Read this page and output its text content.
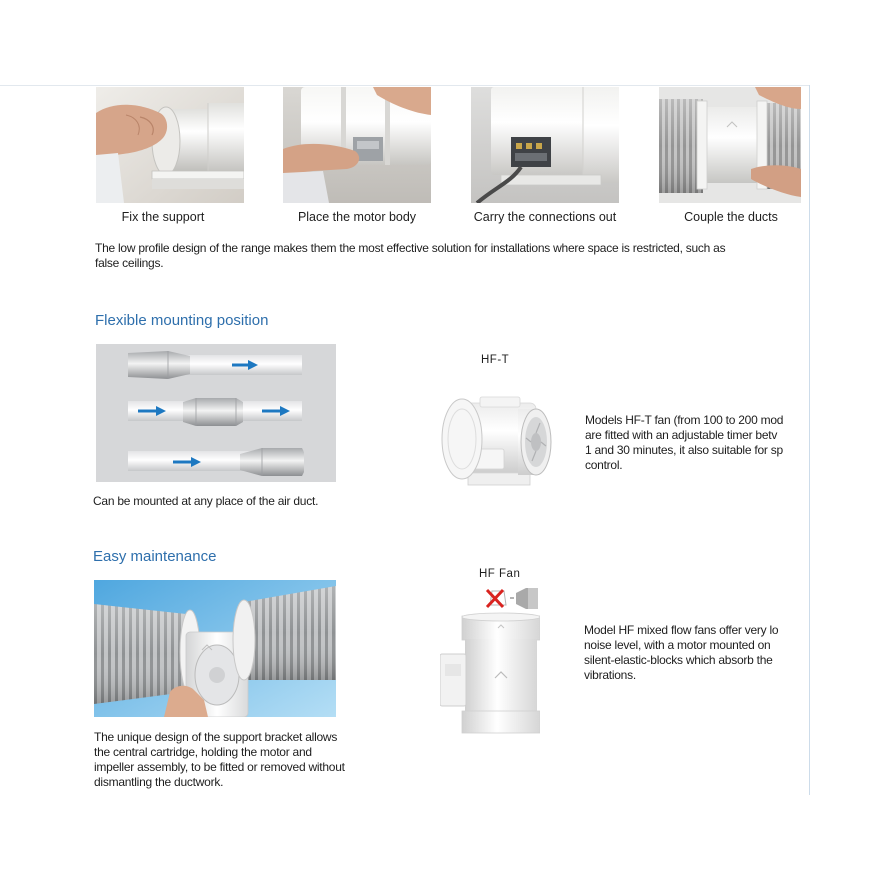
Fix the support	Place the motor body	Carry the connections out	Couple the ducts
The low profile design of the range makes them the most effective solution for installations where space is restricted, such as
false ceilings.
Flexible mounting position
Can be mounted at any place of the air duct.
HF-T
Models HF-T fan (from 100 to 200 mod
are fitted with an adjustable timer betv
1 and 30 minutes, it also suitable for sp
control.
Easy maintenance
The unique design of the support bracket allows
the central cartridge, holding the motor and
impeller assembly, to be fitted or removed without
dismantling the ductwork.
HF Fan
Model HF mixed flow fans offer very lo
noise level, with a motor mounted on
silent-elastic-blocks which absorb the
vibrations.
